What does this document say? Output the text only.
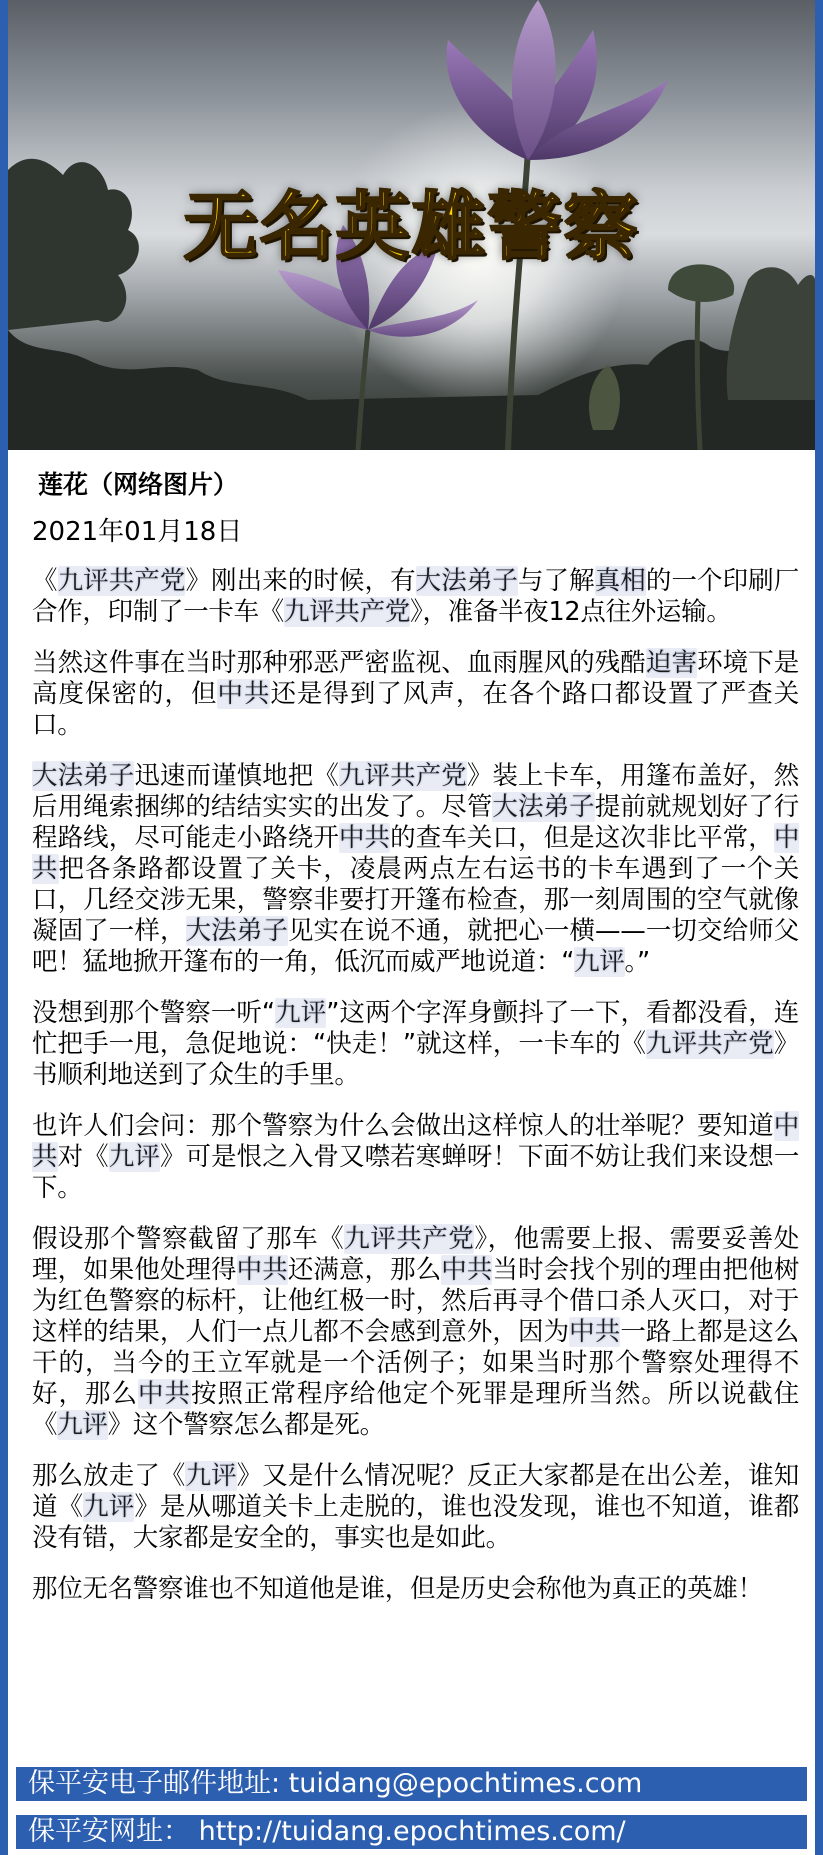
无名英雄警察
莲花（网络图片）
2021年01月18日

《九评共产党》刚出来的时候，有大法弟子与了解真相的一个印刷厂合作，印制了一卡车《九评共产党》，准备半夜12点往外运输。

当然这件事在当时那种邪恶严密监视、血雨腥风的残酷迫害环境下是高度保密的，但中共还是得到了风声，在各个路口都设置了严查关口。

大法弟子迅速而谨慎地把《九评共产党》装上卡车，用篷布盖好，然后用绳索捆绑的结结实实的出发了。尽管大法弟子提前就规划好了行程路线，尽可能走小路绕开中共的查车关口，但是这次非比平常，中共把各条路都设置了关卡，凌晨两点左右运书的卡车遇到了一个关口，几经交涉无果，警察非要打开篷布检查，那一刻周围的空气就像凝固了一样，大法弟子见实在说不通，就把心一横——一切交给师父吧！猛地掀开篷布的一角，低沉而威严地说道：“九评。”

没想到那个警察一听“九评”这两个字浑身颤抖了一下，看都没看，连忙把手一甩，急促地说：“快走！”就这样，一卡车的《九评共产党》书顺利地送到了众生的手里。

也许人们会问：那个警察为什么会做出这样惊人的壮举呢？要知道中共对《九评》可是恨之入骨又噤若寒蝉呀！下面不妨让我们来设想一下。

假设那个警察截留了那车《九评共产党》，他需要上报、需要妥善处理，如果他处理得中共还满意，那么中共当时会找个别的理由把他树为红色警察的标杆，让他红极一时，然后再寻个借口杀人灭口，对于这样的结果，人们一点儿都不会感到意外，因为中共一路上都是这么干的，当今的王立军就是一个活例子；如果当时那个警察处理得不好，那么中共按照正常程序给他定个死罪是理所当然。所以说截住《九评》这个警察怎么都是死。

那么放走了《九评》又是什么情况呢？反正大家都是在出公差，谁知道《九评》是从哪道关卡上走脱的，谁也没发现，谁也不知道，谁都没有错，大家都是安全的，事实也是如此。

那位无名警察谁也不知道他是谁，但是历史会称他为真正的英雄！

保平安电子邮件地址: tuidang@epochtimes.com
保平安网址： http://tuidang.epochtimes.com/
